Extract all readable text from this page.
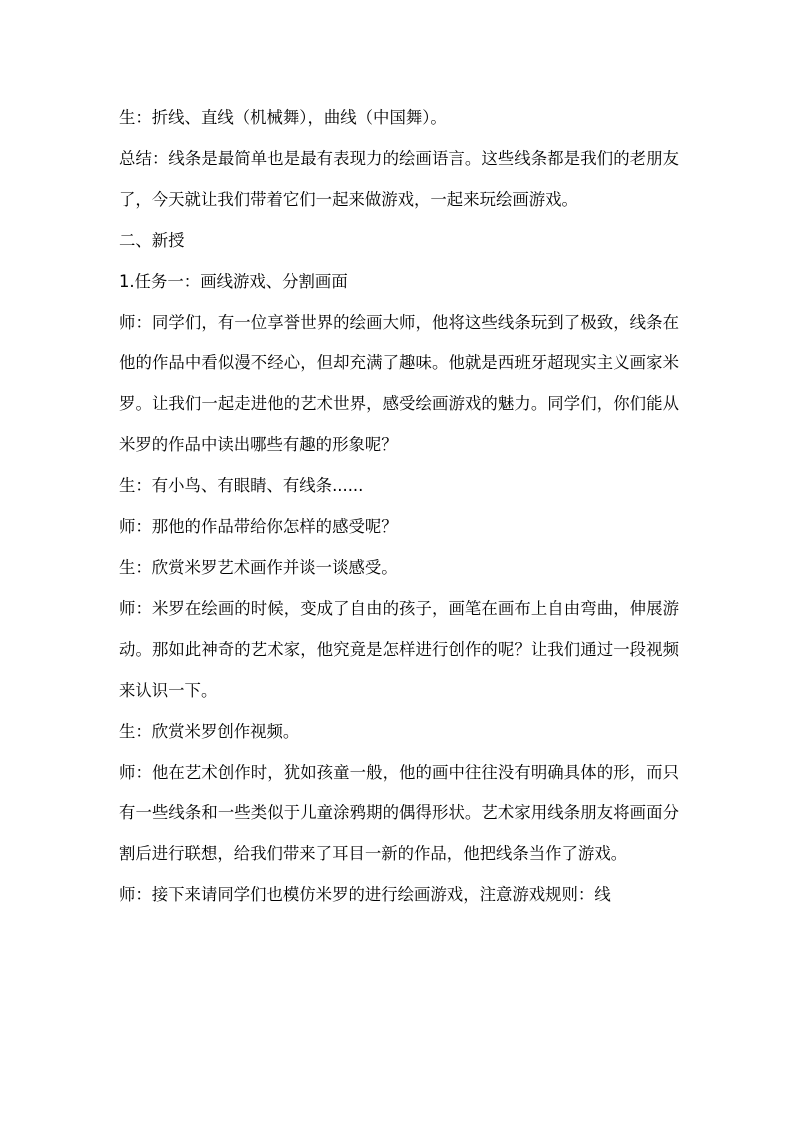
生：折线、直线（机械舞），曲线（中国舞）。

总结：线条是最简单也是最有表现力的绘画语言。这些线条都是我们的老朋友了，今天就让我们带着它们一起来做游戏，一起来玩绘画游戏。

二、新授

1.任务一：画线游戏、分割画面

师：同学们，有一位享誉世界的绘画大师，他将这些线条玩到了极致，线条在他的作品中看似漫不经心，但却充满了趣味。他就是西班牙超现实主义画家米罗。让我们一起走进他的艺术世界，感受绘画游戏的魅力。同学们，你们能从米罗的作品中读出哪些有趣的形象呢？

生：有小鸟、有眼睛、有线条......

师：那他的作品带给你怎样的感受呢？

生：欣赏米罗艺术画作并谈一谈感受。

师：米罗在绘画的时候，变成了自由的孩子，画笔在画布上自由弯曲，伸展游动。那如此神奇的艺术家，他究竟是怎样进行创作的呢？让我们通过一段视频来认识一下。

生：欣赏米罗创作视频。

师：他在艺术创作时，犹如孩童一般，他的画中往往没有明确具体的形，而只有一些线条和一些类似于儿童涂鸦期的偶得形状。艺术家用线条朋友将画面分割后进行联想，给我们带来了耳目一新的作品，他把线条当作了游戏。

师：接下来请同学们也模仿米罗的进行绘画游戏，注意游戏规则：线
